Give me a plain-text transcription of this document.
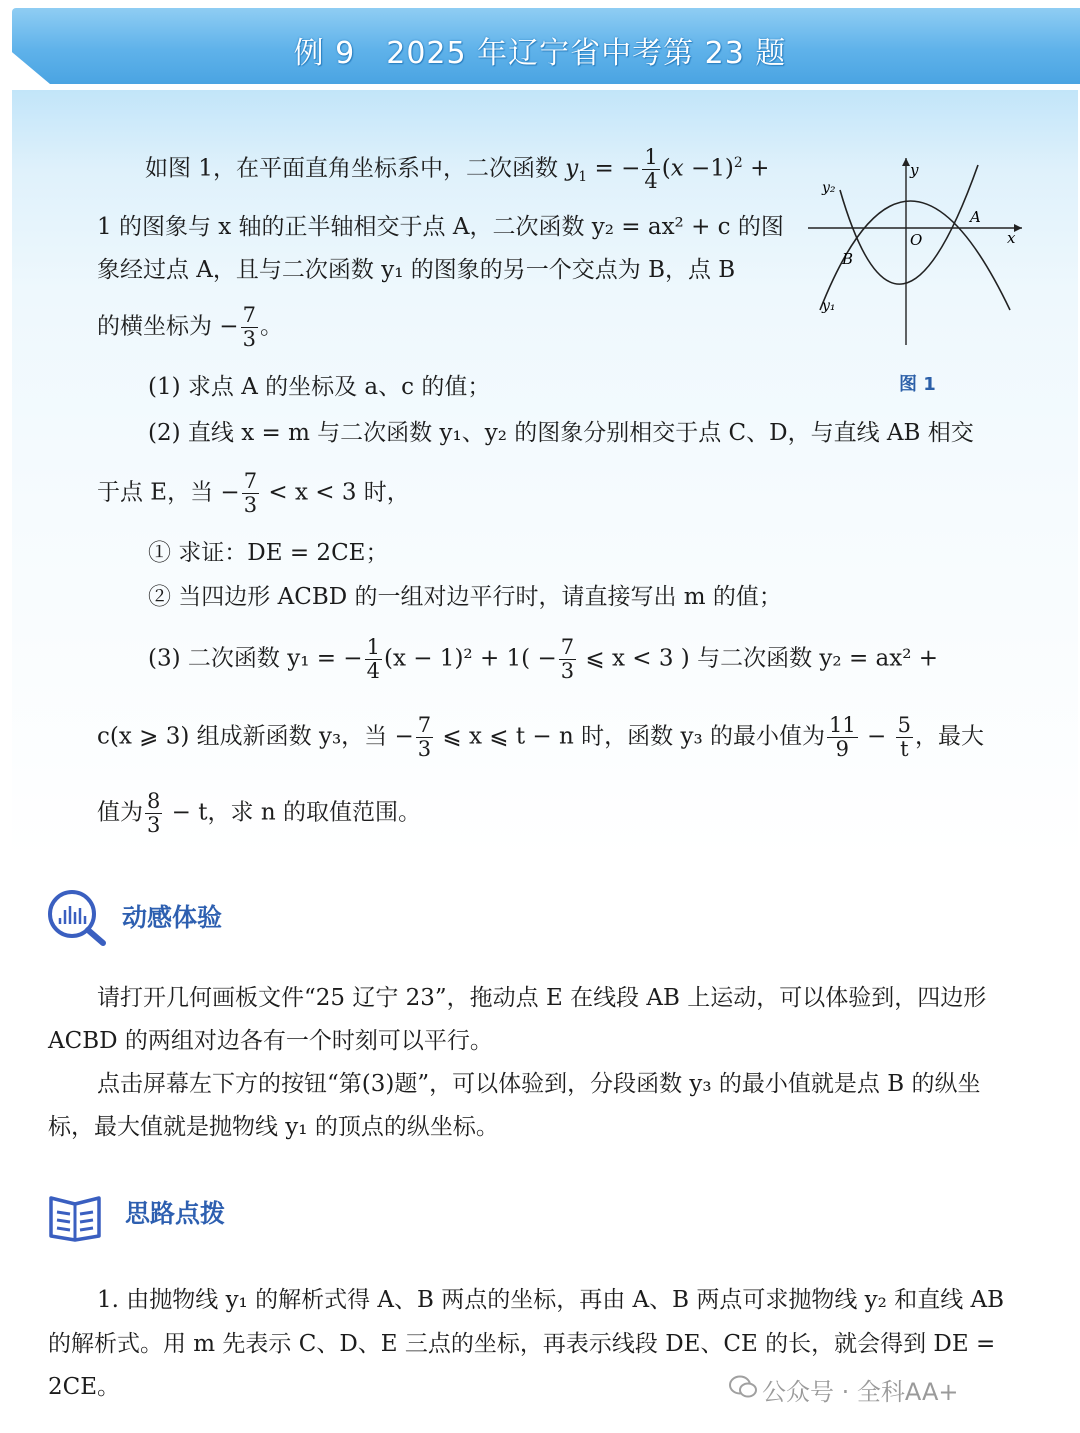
例 9　2025 年辽宁省中考第 23 题
如图 1，在平面直角坐标系中，二次函数 $y_1$ = − $\frac{1}{4} (x -1)^2$ +
1 的图象与 x 轴的正半轴相交于点 A，二次函数 y₂ = ax² + c 的图
象经过点 A，且与二次函数 y₁ 的图象的另一个交点为 B，点 B
的横坐标为 − $\frac{7}{3}$ 。
(1) 求点 A 的坐标及 a、c 的值；
(2) 直线 x = m 与二次函数 y₁、y₂ 的图象分别相交于点 C、D，与直线 AB 相交
于点 E，当 − $\frac{7}{3} < x < 3$ 时，
① 求证：DE = 2CE；
② 当四边形 ACBD 的一组对边平行时，请直接写出 m 的值；
(3) 二次函数 y₁ = − $\frac{1}{4} (x - 1)^2 + 1( - \frac{7}{3}$ ⩽ x < 3 ) 与二次函数 y₂ = ax² +
c(x ⩾ 3) 组成新函数 y₃，当 − $\frac{7}{3}$ ⩽ x ⩽ t − n 时，函数 y₃ 的最小值为 $\frac{11}{9} - \frac{5}{t}$ ，最大
值为 $\frac{8}{3} - t$，求 n 的取值范围。
y
x
O
A
B
y₂
y₁
图 1
动感体验
请打开几何画板文件“25 辽宁 23”，拖动点 E 在线段 AB 上运动，可以体验到，四边形
ACBD 的两组对边各有一个时刻可以平行。
点击屏幕左下方的按钮“第(3)题”，可以体验到，分段函数 y₃ 的最小值就是点 B 的纵坐
标，最大值就是抛物线 y₁ 的顶点的纵坐标。
思路点拨
1. 由抛物线 y₁ 的解析式得 A、B 两点的坐标，再由 A、B 两点可求抛物线 y₂ 和直线 AB
的解析式。用 m 先表示 C、D、E 三点的坐标，再表示线段 DE、CE 的长，就会得到 DE =
2CE。	公众号 · 全科AA+
